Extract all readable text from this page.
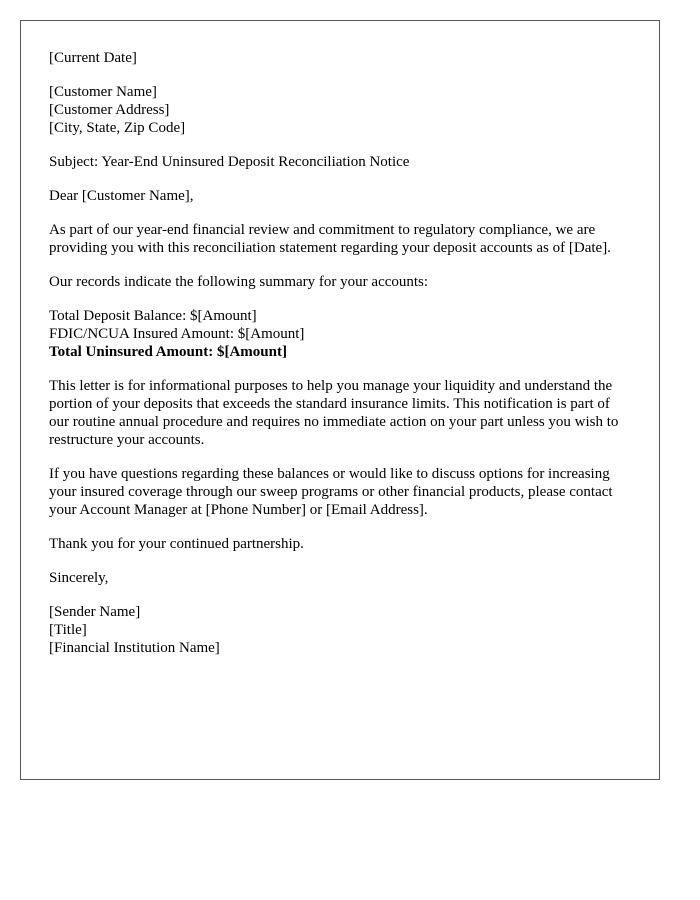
[Current Date]

[Customer Name]
[Customer Address]
[City, State, Zip Code]

Subject: Year-End Uninsured Deposit Reconciliation Notice

Dear [Customer Name],

As part of our year-end financial review and commitment to regulatory compliance, we are providing you with this reconciliation statement regarding your deposit accounts as of [Date].

Our records indicate the following summary for your accounts:

Total Deposit Balance: $[Amount]
FDIC/NCUA Insured Amount: $[Amount]
Total Uninsured Amount: $[Amount]

This letter is for informational purposes to help you manage your liquidity and understand the portion of your deposits that exceeds the standard insurance limits. This notification is part of our routine annual procedure and requires no immediate action on your part unless you wish to restructure your accounts.

If you have questions regarding these balances or would like to discuss options for increasing your insured coverage through our sweep programs or other financial products, please contact your Account Manager at [Phone Number] or [Email Address].

Thank you for your continued partnership.

Sincerely,

[Sender Name]
[Title]
[Financial Institution Name]
